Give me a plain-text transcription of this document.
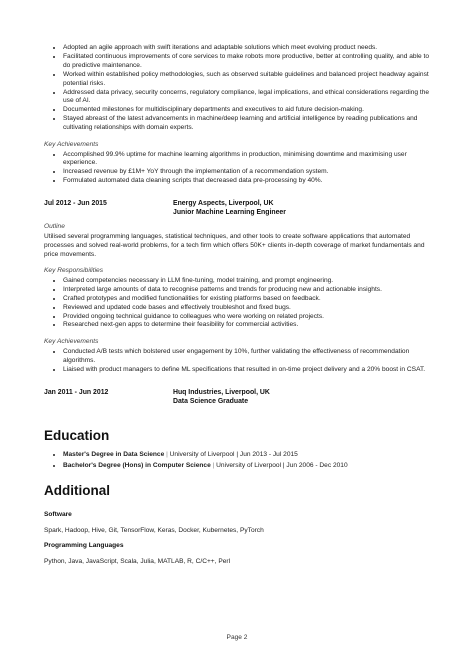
• Adopted an agile approach with swift iterations and adaptable solutions which meet evolving product needs.
• Facilitated continuous improvements of core services to make robots more productive, better at controlling quality, and able to do predictive maintenance.
• Worked within established policy methodologies, such as observed suitable guidelines and balanced project headway against potential risks.
• Addressed data privacy, security concerns, regulatory compliance, legal implications, and ethical considerations regarding the use of AI.
• Documented milestones for multidisciplinary departments and executives to aid future decision-making.
• Stayed abreast of the latest advancements in machine/deep learning and artificial intelligence by reading publications and cultivating relationships with domain experts.
Key Achievements
• Accomplished 99.9% uptime for machine learning algorithms in production, minimising downtime and maximising user experience.
• Increased revenue by £1M+ YoY through the implementation of a recommendation system.
• Formulated automated data cleaning scripts that decreased data pre-processing by 40%.
Jul 2012 - Jun 2015	Energy Aspects, Liverpool, UK
Junior Machine Learning Engineer
Outline
Utilised several programming languages, statistical techniques, and other tools to create software applications that automated processes and solved real-world problems, for a tech firm which offers 50K+ clients in-depth coverage of market fundamentals and price movements.
Key Responsibilities
• Gained competencies necessary in LLM fine-tuning, model training, and prompt engineering.
• Interpreted large amounts of data to recognise patterns and trends for producing new and actionable insights.
• Crafted prototypes and modified functionalities for existing platforms based on feedback.
• Reviewed and updated code bases and effectively troubleshot and fixed bugs.
• Provided ongoing technical guidance to colleagues who were working on related projects.
• Researched next-gen apps to determine their feasibility for commercial activities.
Key Achievements
• Conducted A/B tests which bolstered user engagement by 10%, further validating the effectiveness of recommendation algorithms.
• Liaised with product managers to define ML specifications that resulted in on-time project delivery and a 20% boost in CSAT.
Jan 2011 - Jun 2012	Huq Industries, Liverpool, UK
Data Science Graduate
Education
• Master's Degree in Data Science | University of Liverpool | Jun 2013 - Jul 2015
• Bachelor's Degree (Hons) in Computer Science | University of Liverpool | Jun 2006 - Dec 2010
Additional
Software
Spark, Hadoop, Hive, Git, TensorFlow, Keras, Docker, Kubernetes, PyTorch
Programming Languages
Python, Java, JavaScript, Scala, Julia, MATLAB, R, C/C++, Perl
Page 2
